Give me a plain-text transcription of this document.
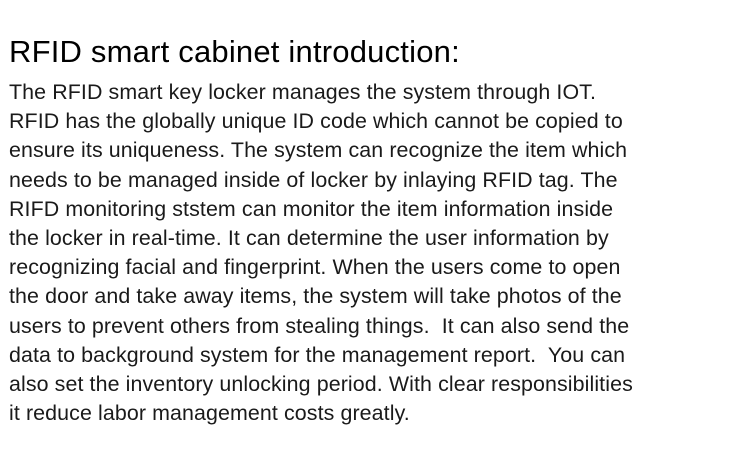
RFID smart cabinet introduction:
The RFID smart key locker manages the system through IOT.
RFID has the globally unique ID code which cannot be copied to
ensure its uniqueness. The system can recognize the item which
needs to be managed inside of locker by inlaying RFID tag. The
RIFD monitoring ststem can monitor the item information inside
the locker in real-time. It can determine the user information by
recognizing facial and fingerprint. When the users come to open
the door and take away items, the system will take photos of the
users to prevent others from stealing things.  It can also send the
data to background system for the management report.  You can
also set the inventory unlocking period. With clear responsibilities
it reduce labor management costs greatly.
